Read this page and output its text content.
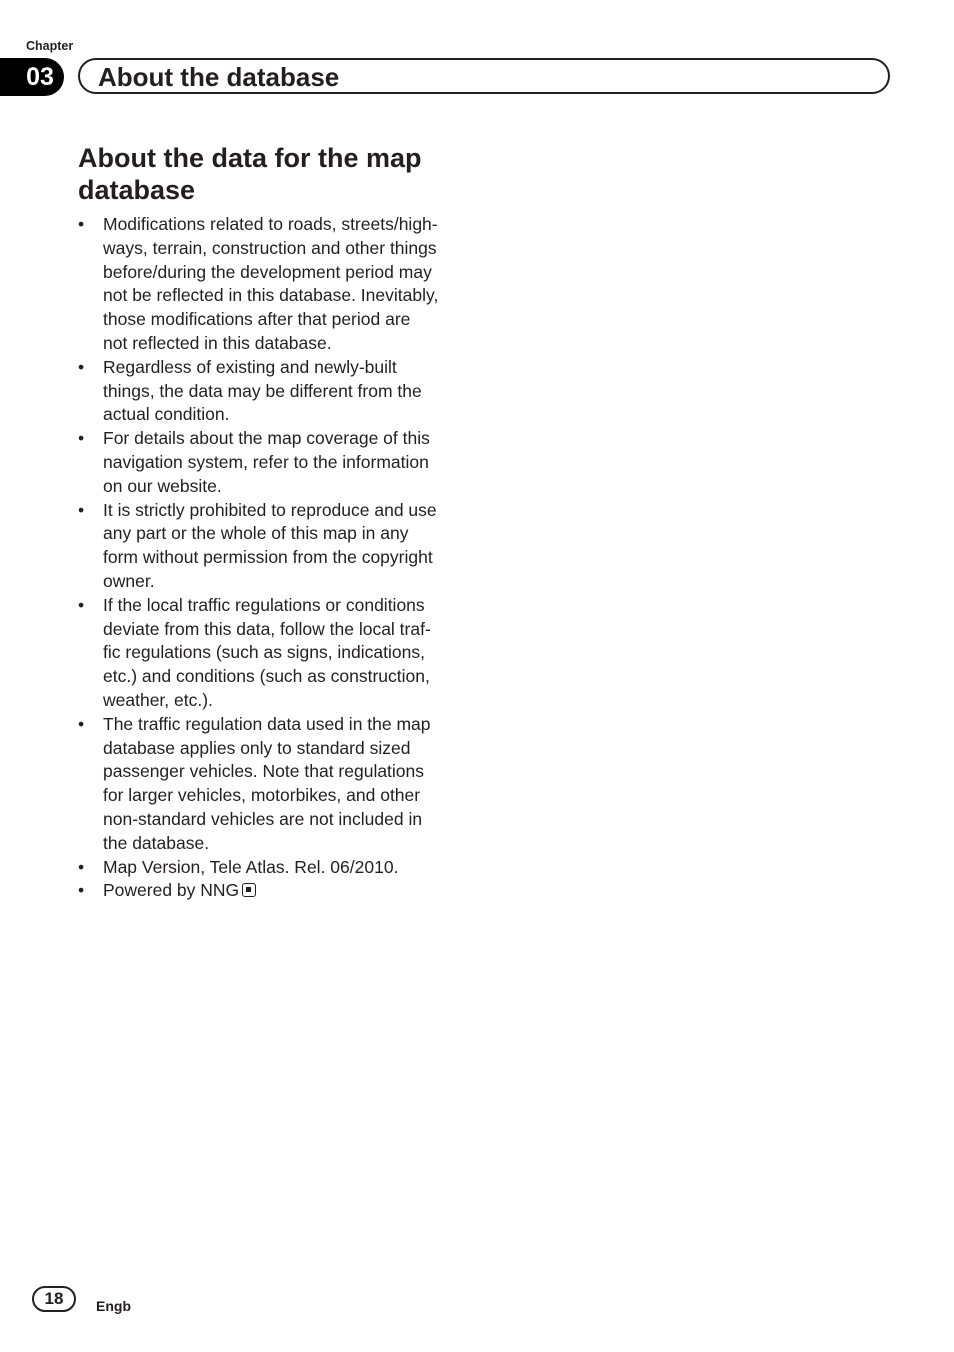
Chapter
03 About the database
About the data for the map
database
•	Modifications related to roads, streets/high-
ways, terrain, construction and other things
before/during the development period may
not be reflected in this database. Inevitably,
those modifications after that period are
not reflected in this database.
•	Regardless of existing and newly-built
things, the data may be different from the
actual condition.
•	For details about the map coverage of this
navigation system, refer to the information
on our website.
•	It is strictly prohibited to reproduce and use
any part or the whole of this map in any
form without permission from the copyright
owner.
•	If the local traffic regulations or conditions
deviate from this data, follow the local traf-
fic regulations (such as signs, indications,
etc.) and conditions (such as construction,
weather, etc.).
•	The traffic regulation data used in the map
database applies only to standard sized
passenger vehicles. Note that regulations
for larger vehicles, motorbikes, and other
non-standard vehicles are not included in
the database.
•	Map Version, Tele Atlas. Rel. 06/2010.
•	Powered by NNG
18	Engb
